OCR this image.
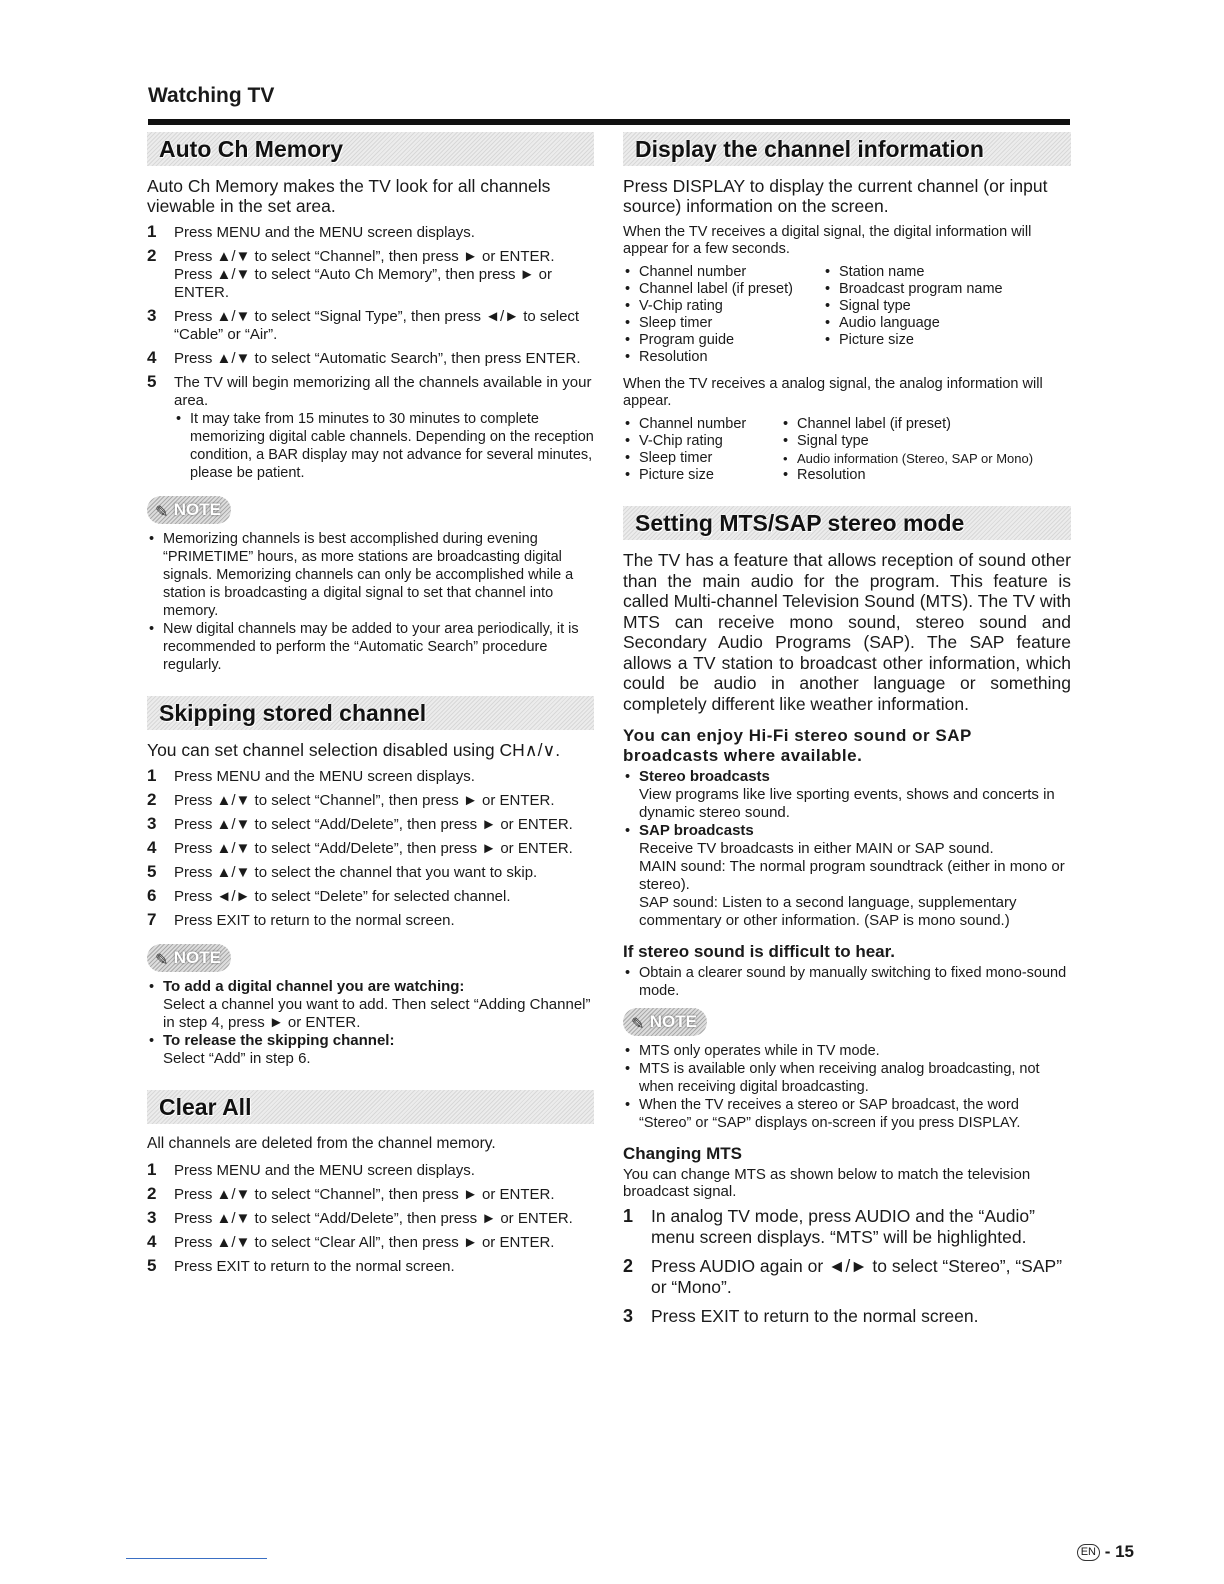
Watching TV
Auto Ch Memory

Auto Ch Memory makes the TV look for all channels viewable in the set area.

1 Press MENU and the MENU screen displays.
2 Press ▲/▼ to select “Channel”, then press ► or ENTER. Press ▲/▼ to select “Auto Ch Memory”, then press ► or ENTER.
3 Press ▲/▼ to select “Signal Type”, then press ◄/► to select “Cable” or “Air”.
4 Press ▲/▼ to select “Automatic Search”, then press ENTER.
5 The TV will begin memorizing all the channels available in your area.
• It may take from 15 minutes to 30 minutes to complete memorizing digital cable channels. Depending on the reception condition, a BAR display may not advance for several minutes, please be patient.
✎ NOTE
• Memorizing channels is best accomplished during evening “PRIMETIME” hours, as more stations are broadcasting digital signals. Memorizing channels can only be accomplished while a station is broadcasting a digital signal to set that channel into memory.
• New digital channels may be added to your area periodically, it is recommended to perform the “Automatic Search” procedure regularly.
Skipping stored channel

You can set channel selection disabled using CH∧/∨.

1 Press MENU and the MENU screen displays.
2 Press ▲/▼ to select “Channel”, then press ► or ENTER.
3 Press ▲/▼ to select “Add/Delete”, then press ► or ENTER.
4 Press ▲/▼ to select “Add/Delete”, then press ► or ENTER.
5 Press ▲/▼ to select the channel that you want to skip.
6 Press ◄/► to select “Delete” for selected channel.
7 Press EXIT to return to the normal screen.
✎ NOTE
• To add a digital channel you are watching:
Select a channel you want to add. Then select “Adding Channel” in step 4, press ► or ENTER.
• To release the skipping channel:
Select “Add” in step 6.
Clear All

All channels are deleted from the channel memory.

1 Press MENU and the MENU screen displays.
2 Press ▲/▼ to select “Channel”, then press ► or ENTER.
3 Press ▲/▼ to select “Add/Delete”, then press ► or ENTER.
4 Press ▲/▼ to select “Clear All”, then press ► or ENTER.
5 Press EXIT to return to the normal screen.
Display the channel information

Press DISPLAY to display the current channel (or input source) information on the screen.

When the TV receives a digital signal, the digital information will appear for a few seconds.

• Channel number	• Station name
• Channel label (if preset)	• Broadcast program name
• V-Chip rating	• Signal type
• Sleep timer	• Audio language
• Program guide	• Picture size
• Resolution

When the TV receives a analog signal, the analog information will appear.

• Channel number	• Channel label (if preset)
• V-Chip rating	• Signal type
• Sleep timer	• Audio information (Stereo, SAP or Mono)
• Picture size	• Resolution
Setting MTS/SAP stereo mode

The TV has a feature that allows reception of sound other than the main audio for the program. This feature is called Multi-channel Television Sound (MTS). The TV with MTS can receive mono sound, stereo sound and Secondary Audio Programs (SAP). The SAP feature allows a TV station to broadcast other information, which could be audio in another language or something completely different like weather information.

You can enjoy Hi-Fi stereo sound or SAP broadcasts where available.
• Stereo broadcasts
View programs like live sporting events, shows and concerts in dynamic stereo sound.
• SAP broadcasts
Receive TV broadcasts in either MAIN or SAP sound.
MAIN sound: The normal program soundtrack (either in mono or stereo).
SAP sound: Listen to a second language, supplementary commentary or other information. (SAP is mono sound.)
If stereo sound is difficult to hear.
• Obtain a clearer sound by manually switching to fixed mono-sound mode.
✎ NOTE
• MTS only operates while in TV mode.
• MTS is available only when receiving analog broadcasting, not when receiving digital broadcasting.
• When the TV receives a stereo or SAP broadcast, the word “Stereo” or “SAP” displays on-screen if you press DISPLAY.
Changing MTS

You can change MTS as shown below to match the television broadcast signal.

1 In analog TV mode, press AUDIO and the “Audio” menu screen displays. “MTS” will be highlighted.
2 Press AUDIO again or ◄/► to select “Stereo”, “SAP” or “Mono”.
3 Press EXIT to return to the normal screen.
EN - 15
